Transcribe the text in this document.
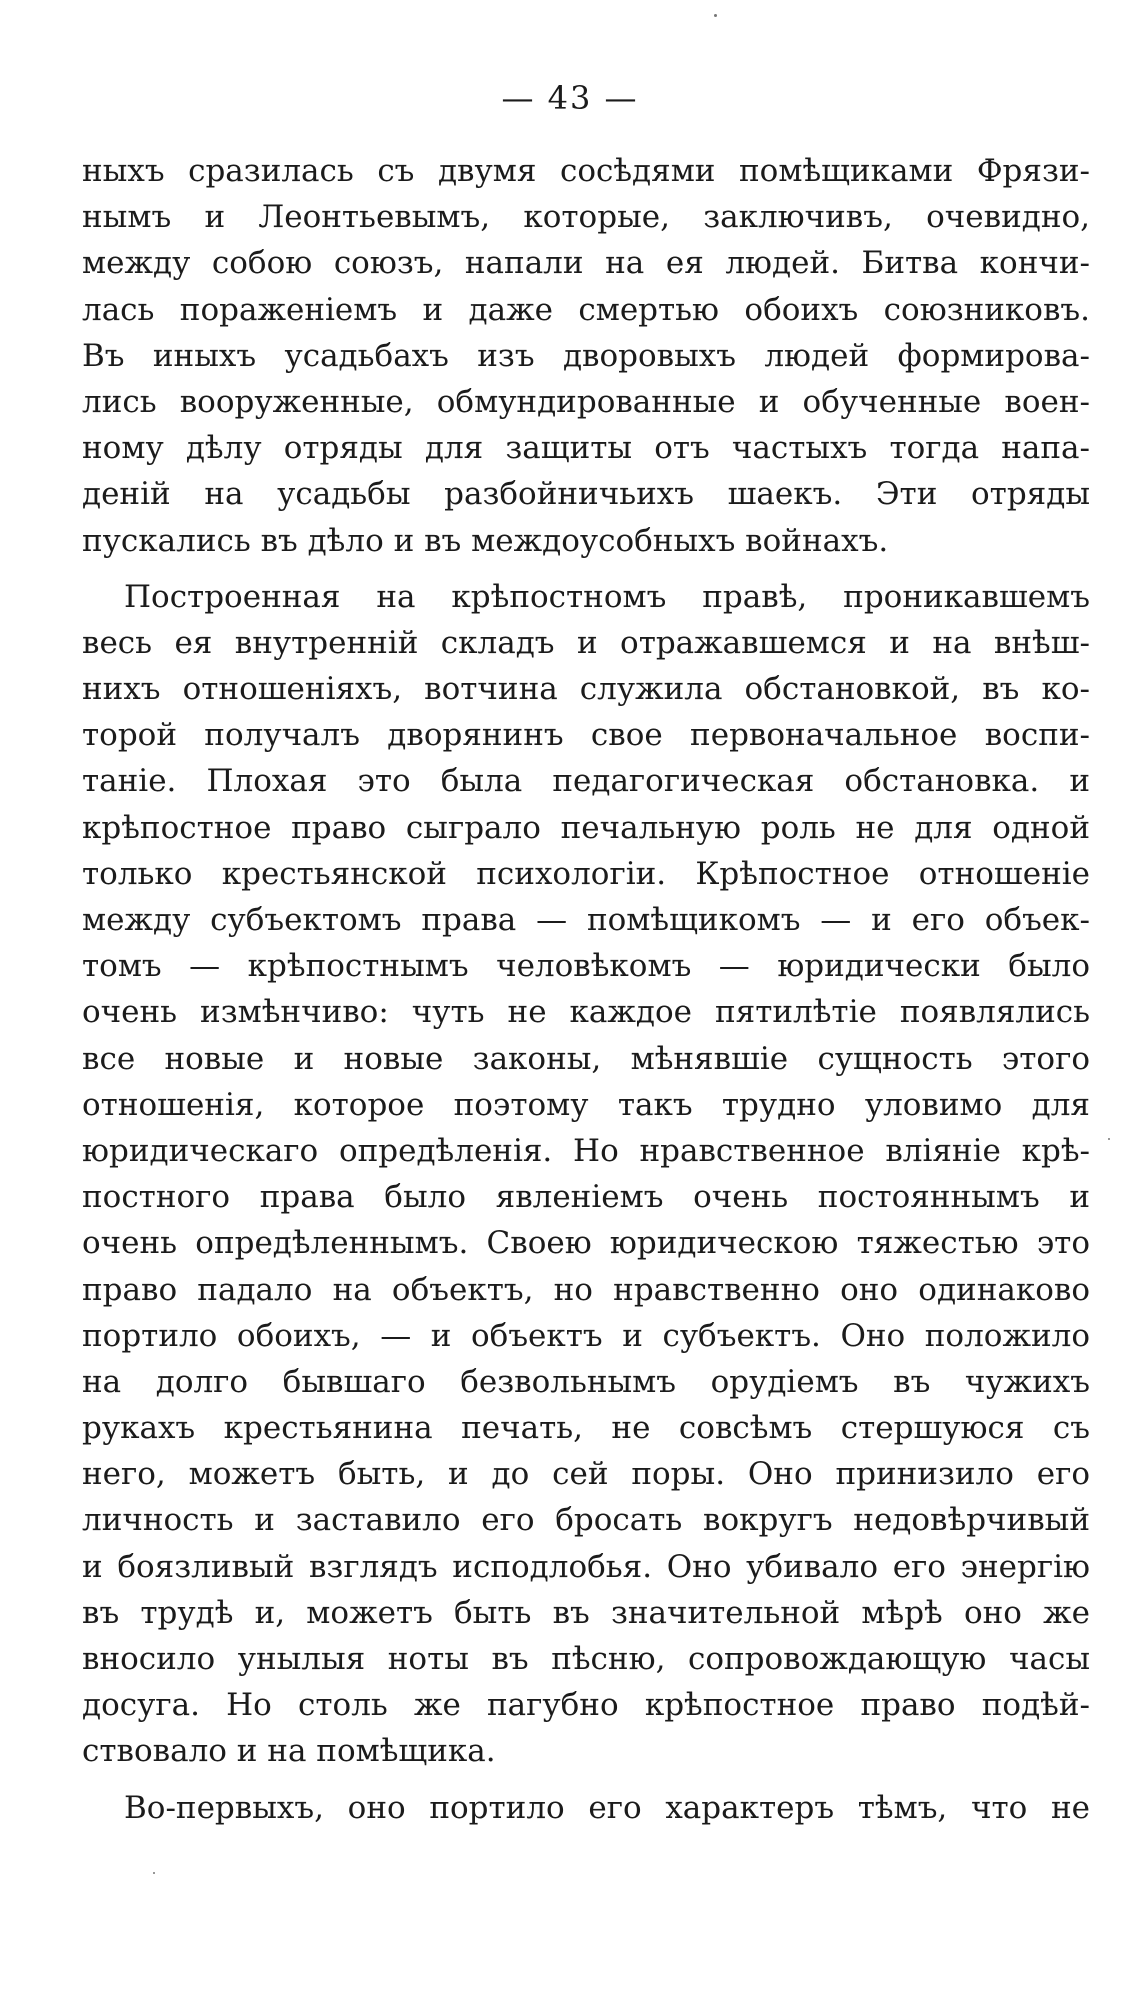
— 43 —
ныхъ сразилась съ двумя сосѣдями помѣщиками Фрязи-
нымъ и Леонтьевымъ, которые, заключивъ, очевидно,
между собою союзъ, напали на ея людей. Битва кончи-
лась пораженіемъ и даже смертью обоихъ союзниковъ.
Въ иныхъ усадьбахъ изъ дворовыхъ людей формирова-
лись вооруженные, обмундированные и обученные воен-
ному дѣлу отряды для защиты отъ частыхъ тогда напа-
деній на усадьбы разбойничьихъ шаекъ. Эти отряды
пускались въ дѣло и въ междоусобныхъ войнахъ.
Построенная на крѣпостномъ правѣ, проникавшемъ
весь ея внутренній складъ и отражавшемся и на внѣш-
нихъ отношеніяхъ, вотчина служила обстановкой, въ ко-
торой получалъ дворянинъ свое первоначальное воспи-
таніе. Плохая это была педагогическая обстановка. и
крѣпостное право сыграло печальную роль не для одной
только крестьянской психологіи. Крѣпостное отношеніе
между субъектомъ права — помѣщикомъ — и его объек-
томъ — крѣпостнымъ человѣкомъ — юридически было
очень измѣнчиво: чуть не каждое пятилѣтіе появлялись
все новые и новые законы, мѣнявшіе сущность этого
отношенія, которое поэтому такъ трудно уловимо для
юридическаго опредѣленія. Но нравственное вліяніе крѣ-
постного права было явленіемъ очень постояннымъ и
очень опредѣленнымъ. Своею юридическою тяжестью это
право падало на объектъ, но нравственно оно одинаково
портило обоихъ, — и объектъ и субъектъ. Оно положило
на долго бывшаго безвольнымъ орудіемъ въ чужихъ
рукахъ крестьянина печать, не совсѣмъ стершуюся съ
него, можетъ быть, и до сей поры. Оно принизило его
личность и заставило его бросать вокругъ недовѣрчивый
и боязливый взглядъ исподлобья. Оно убивало его энергію
въ трудѣ и, можетъ быть въ значительной мѣрѣ оно же
вносило унылыя ноты въ пѣсню, сопровождающую часы
досуга. Но столь же пагубно крѣпостное право подѣй-
ствовало и на помѣщика.
Во-первыхъ, оно портило его характеръ тѣмъ, что не
